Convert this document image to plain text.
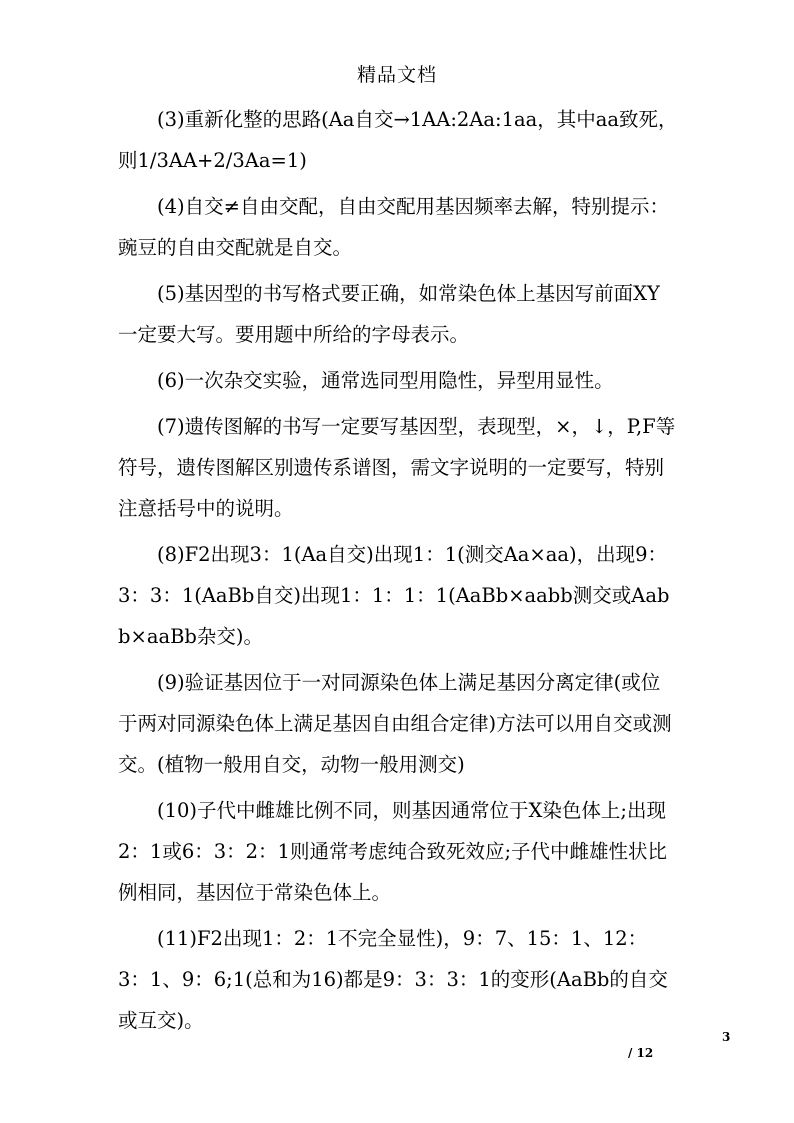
精品文档

(3)重新化整的思路(Aa自交→1AA:2Aa:1aa，其中aa致死，则1/3AA+2/3Aa=1)

(4)自交≠自由交配，自由交配用基因频率去解，特别提示：豌豆的自由交配就是自交。

(5)基因型的书写格式要正确，如常染色体上基因写前面XY一定要大写。要用题中所给的字母表示。

(6)一次杂交实验，通常选同型用隐性，异型用显性。

(7)遗传图解的书写一定要写基因型，表现型，×，↓，P,F等符号，遗传图解区别遗传系谱图，需文字说明的一定要写，特别注意括号中的说明。

(8)F2出现3：1(Aa自交)出现1：1(测交Aa×aa)，出现9：3：3：1(AaBb自交)出现1：1：1：1(AaBb×aabb测交或Aabb×aaBb杂交)。

(9)验证基因位于一对同源染色体上满足基因分离定律(或位于两对同源染色体上满足基因自由组合定律)方法可以用自交或测交。(植物一般用自交，动物一般用测交)

(10)子代中雌雄比例不同，则基因通常位于X染色体上;出现2：1或6：3：2：1则通常考虑纯合致死效应;子代中雌雄性状比例相同，基因位于常染色体上。

(11)F2出现1：2：1不完全显性)，9：7、15：1、12：3：1、9：6;1(总和为16)都是9：3：3：1的变形(AaBb的自交或互交)。

3
/ 12
